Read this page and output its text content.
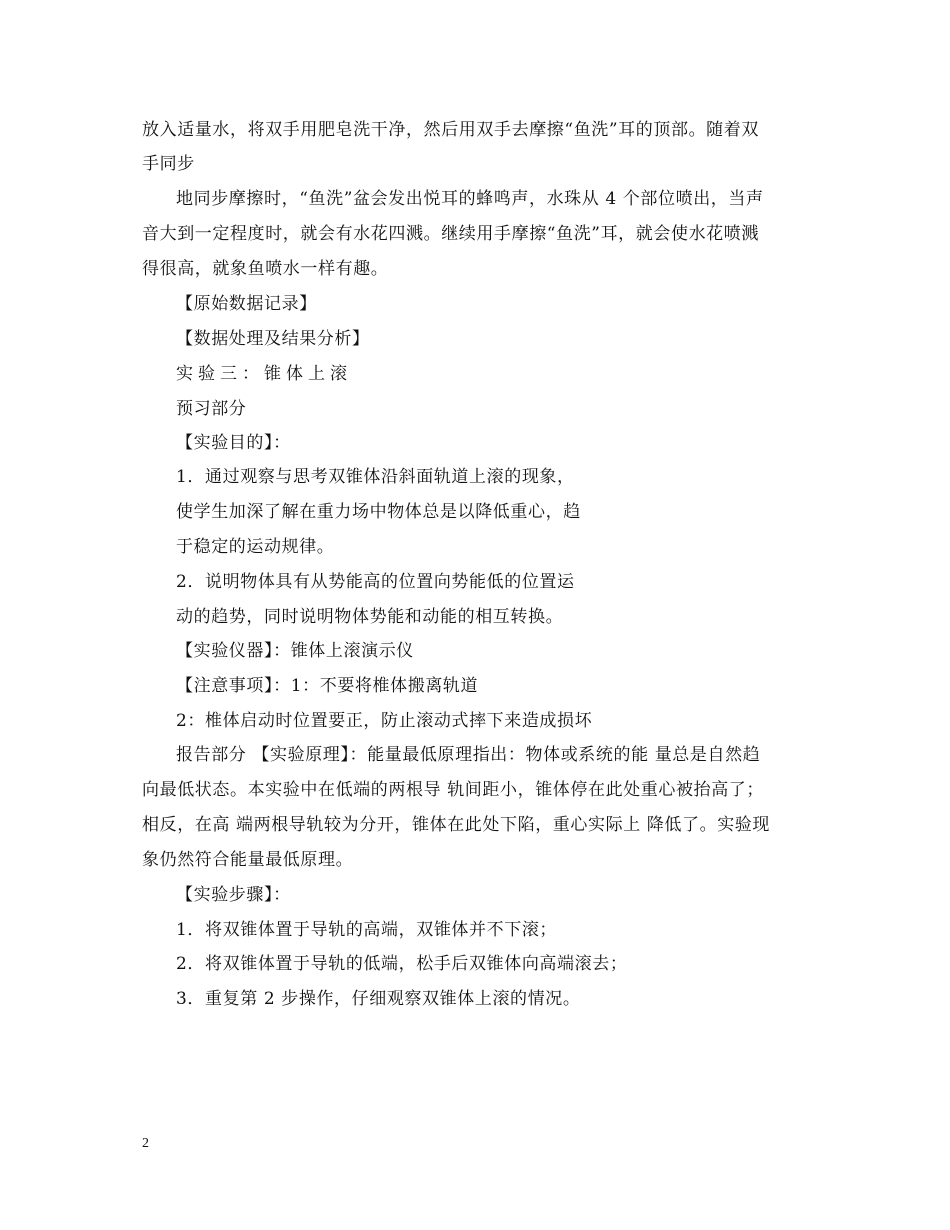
放入适量水，将双手用肥皂洗干净，然后用双手去摩擦“鱼洗”耳的顶部。随着双
手同步
地同步摩擦时，“鱼洗”盆会发出悦耳的蜂鸣声，水珠从 4 个部位喷出，当声
音大到一定程度时，就会有水花四溅。继续用手摩擦“鱼洗”耳，就会使水花喷溅
得很高，就象鱼喷水一样有趣。
【原始数据记录】
【数据处理及结果分析】
实验三：锥体上滚
预习部分
【实验目的】：
1．通过观察与思考双锥体沿斜面轨道上滚的现象，
使学生加深了解在重力场中物体总是以降低重心，趋
于稳定的运动规律。
2．说明物体具有从势能高的位置向势能低的位置运
动的趋势，同时说明物体势能和动能的相互转换。
【实验仪器】：锥体上滚演示仪
【注意事项】：1：不要将椎体搬离轨道
2：椎体启动时位置要正，防止滚动式摔下来造成损坏
报告部分 【实验原理】：能量最低原理指出：物体或系统的能 量总是自然趋
向最低状态。本实验中在低端的两根导 轨间距小，锥体停在此处重心被抬高了；
相反，在高 端两根导轨较为分开，锥体在此处下陷，重心实际上 降低了。实验现
象仍然符合能量最低原理。
【实验步骤】：
1．将双锥体置于导轨的高端，双锥体并不下滚；
2．将双锥体置于导轨的低端，松手后双锥体向高端滚去；
3．重复第 2 步操作，仔细观察双锥体上滚的情况。
2
